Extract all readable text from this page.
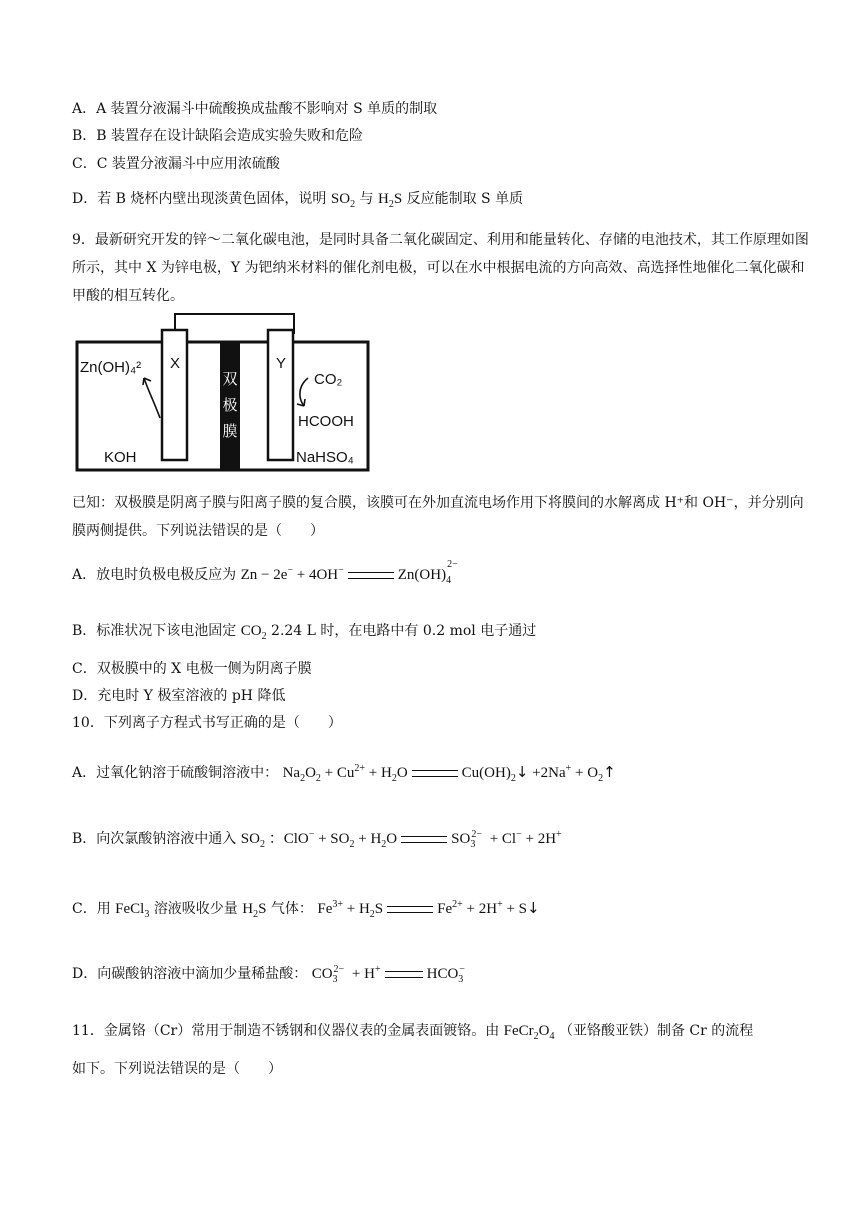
A．A 装置分液漏斗中硫酸换成盐酸不影响对 S 单质的制取
B．B 装置存在设计缺陷会造成实验失败和危险
C．C 装置分液漏斗中应用浓硫酸
D．若 B 烧杯内壁出现淡黄色固体，说明 $SO_2$ 与 $H_2S$ 反应能制取 S 单质
9．最新研究开发的锌～二氧化碳电池，是同时具备二氧化碳固定、利用和能量转化、存储的电池技术，其工作原理如图所示，其中 X 为锌电极，Y 为钯纳米材料的催化剂电极，可以在水中根据电流的方向高效、高选择性地催化二氧化碳和甲酸的相互转化。
双
极
膜
X	Y
Zn(OH)₄²
CO₂
HCOOH
KOH	NaHSO₄
已知：双极膜是阴离子膜与阳离子膜的复合膜，该膜可在外加直流电场作用下将膜间的水解离成 H⁺和 OH⁻，并分别向膜两侧提供。下列说法错误的是（　　）
A．放电时负极电极反应为 Zn − 2e− + 4OH−	$Zn(OH)_4^{2-}$
B．标准状况下该电池固定 $CO_2$ 2.24 L 时，在电路中有 0.2 mol 电子通过
C．双极膜中的 X 电极一侧为阴离子膜
D．充电时 Y 极室溶液的 pH 降低
10．下列离子方程式书写正确的是（　　）
A．过氧化钠溶于硫酸铜溶液中： $Na_2O_2 + Cu^{2+} + H_2O$	$Cu(OH)_2↓ +2Na^+$ + $O_2↑$
B．向次氯酸钠溶液中通入 $SO_2$ ：$ClO^- + SO_2 + H_2O$	$SO_3^{2-} + Cl^- + 2H^+$
C．用 FeCl$_3$ 溶液吸收少量 $H_2S$ 气体： $Fe^{3+} + H_2S$	$Fe^{2+} + 2H^+$ + S↓
D．向碳酸钠溶液中滴加少量稀盐酸： $CO_3^{2-} + H^+$	$HCO_3^-$
11．金属铬（Cr）常用于制造不锈钢和仪器仪表的金属表面镀铬。由 $FeCr_2O_4$ （亚铬酸亚铁）制备 Cr 的流程
如下。下列说法错误的是（　　）
